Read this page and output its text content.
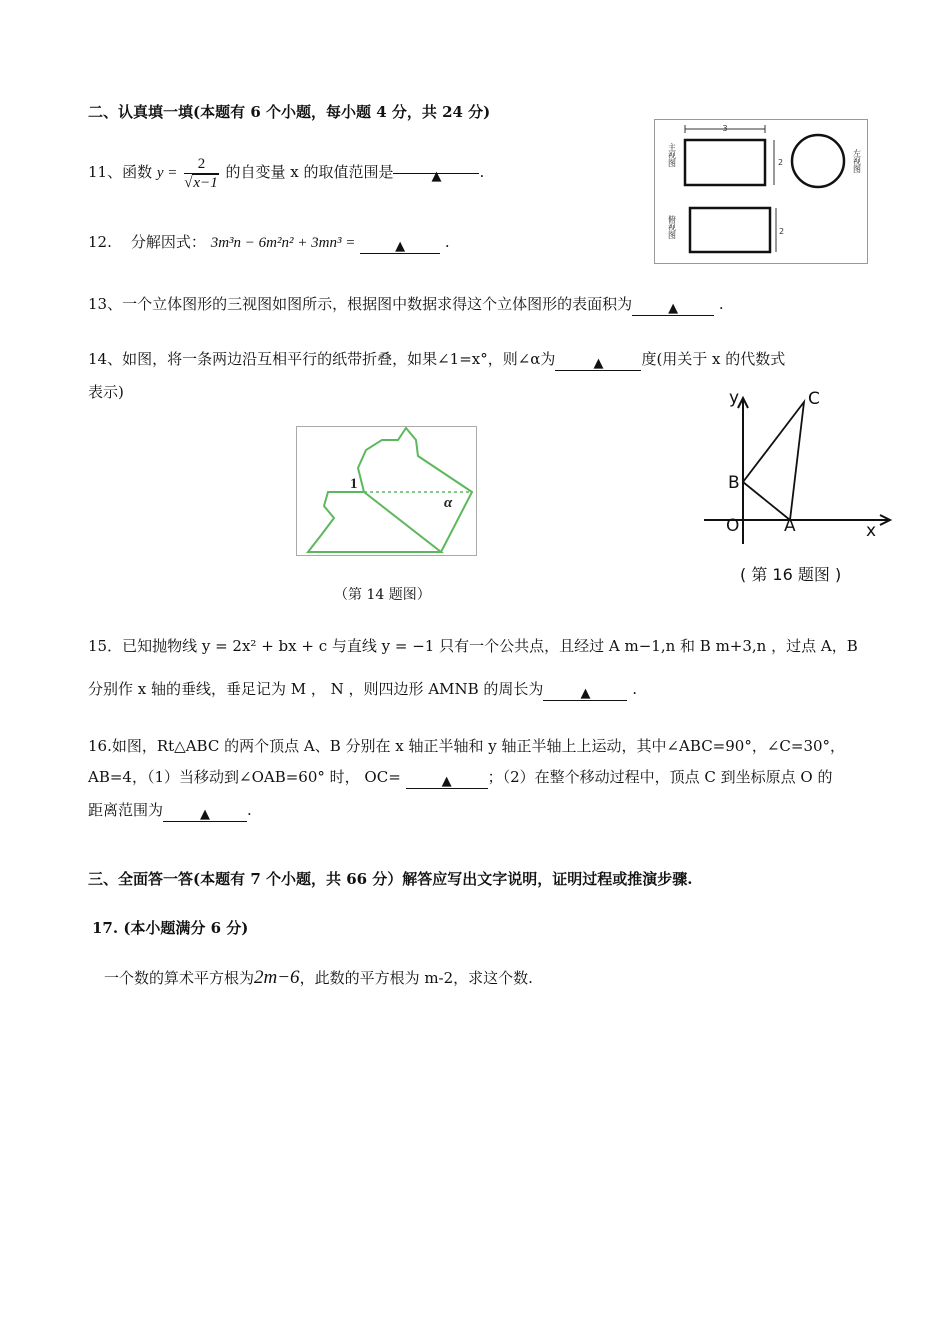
二、认真填一填(本题有 6 个小题，每小题 4 分，共 24 分)
11、函数 $y = \frac{2}{√x-1}$ 的自变量 x 的取值范围是	▲	.
12.    分解因式： 3m³n − 6m²n² + 3mn³ =	▲	.
3
2
2
主视图	左视图
俯视图
13、一个立体图形的三视图如图所示，根据图中数据求得这个立体图形的表面积为	▲	.
14、如图，将一条两边沿互相平行的纸带折叠，如果∠1=x°，则∠α为	▲	度(用关于 x 的代数式
表示)
1
α
（第 14 题图）
y	C
B
O	A	x
( 第 16 题图 )
15．已知抛物线 y = 2x² + bx + c 与直线 y = −1 只有一个公共点，且经过 A m−1,n 和 B m+3,n ，过点 A，B
分别作 x 轴的垂线，垂足记为 M ， N ，则四边形 AMNB 的周长为	▲	.
16.如图，Rt△ABC 的两个顶点 A、B 分别在 x 轴正半轴和 y 轴正半轴上上运动，其中∠ABC=90°，∠C=30°，
AB=4，（1）当移动到∠OAB=60° 时， OC=	▲ ；（2）在整个移动过程中，顶点 C 到坐标原点 O 的
距离范围为	▲ .
三、全面答一答(本题有 7 个小题，共 66 分）解答应写出文字说明，证明过程或推演步骤.
17. (本小题满分 6 分)
一个数的算术平方根为2m−6，此数的平方根为 m-2，求这个数.
